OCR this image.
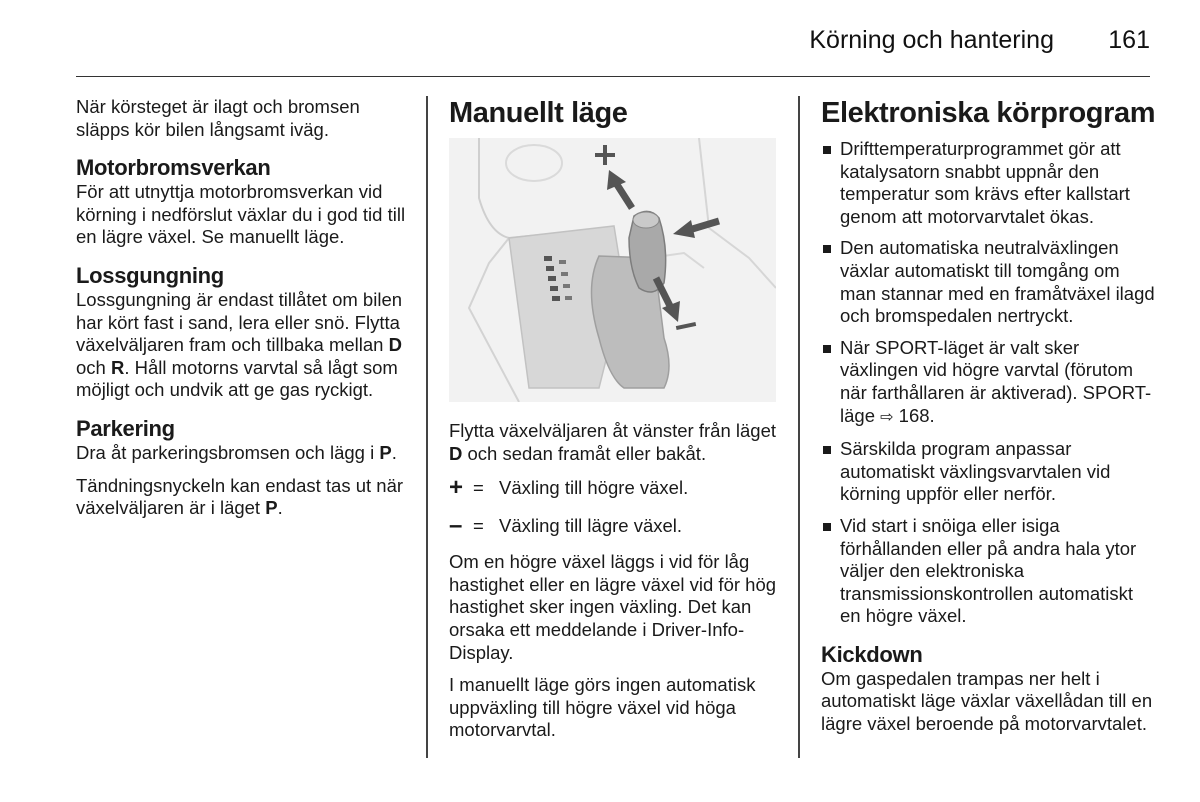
Körning och hantering 161

När körsteget är ilagt och bromsen släpps kör bilen långsamt iväg.

Motorbromsverkan

För att utnyttja motorbromsverkan vid körning i nedförslut växlar du i god tid till en lägre växel. Se manuellt läge.

Lossgungning

Lossgungning är endast tillåtet om bilen har kört fast i sand, lera eller snö. Flytta växelväljaren fram och tillbaka mellan D och R. Håll motorns varvtal så lågt som möjligt och undvik att ge gas ryckigt.

Parkering

Dra åt parkeringsbromsen och lägg i P.

Tändningsnyckeln kan endast tas ut när växelväljaren är i läget P.

Manuellt läge

Flytta växelväljaren åt vänster från läget D och sedan framåt eller bakåt.

+ = Växling till högre växel.
– = Växling till lägre växel.

Om en högre växel läggs i vid för låg hastighet eller en lägre växel vid för hög hastighet sker ingen växling. Det kan orsaka ett meddelande i Driver-Info-Display.

I manuellt läge görs ingen automatisk uppväxling till högre växel vid höga motorvarvtal.

Elektroniska körprogram
Drifttemperaturprogrammet gör att katalysatorn snabbt uppnår den temperatur som krävs efter kallstart genom att motorvarvtalet ökas.
Den automatiska neutralväxlingen växlar automatiskt till tomgång om man stannar med en framåtväxel ilagd och bromspedalen nertryckt.
När SPORT-läget är valt sker växlingen vid högre varvtal (förutom när farthållaren är aktiverad). SPORT-läge ⇨ 168.
Särskilda program anpassar automatiskt växlingsvarvtalen vid körning uppför eller nerför.
Vid start i snöiga eller isiga förhållanden eller på andra hala ytor väljer den elektroniska transmissionskontrollen automatiskt en högre växel.
Kickdown

Om gaspedalen trampas ner helt i automatiskt läge växlar växellådan till en lägre växel beroende på motorvarvtalet.
